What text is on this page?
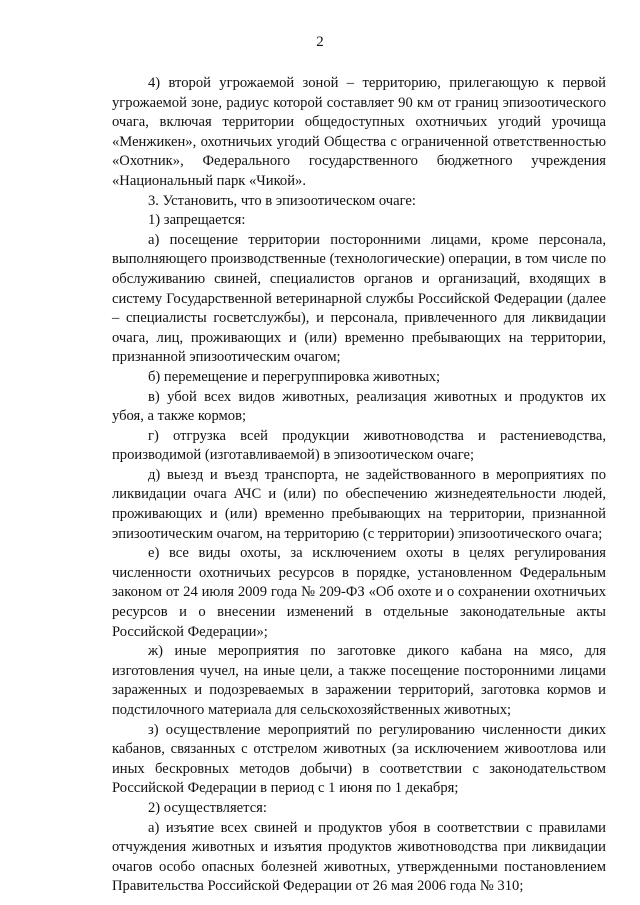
2

4) второй угрожаемой зоной – территорию, прилегающую к первой угрожаемой зоне, радиус которой составляет 90 км от границ эпизоотического очага, включая территории общедоступных охотничьих угодий урочища «Менжикен», охотничьих угодий Общества с ограниченной ответственностью «Охотник», Федерального государственного бюджетного учреждения «Национальный парк «Чикой».

3. Установить, что в эпизоотическом очаге:

1) запрещается:

а) посещение территории посторонними лицами, кроме персонала, выполняющего производственные (технологические) операции, в том числе по обслуживанию свиней, специалистов органов и организаций, входящих в систему Государственной ветеринарной службы Российской Федерации (далее – специалисты госветслужбы), и персонала, привлеченного для ликвидации очага, лиц, проживающих и (или) временно пребывающих на территории, признанной эпизоотическим очагом;

б) перемещение и перегруппировка животных;

в) убой всех видов животных, реализация животных и продуктов их убоя, а также кормов;

г) отгрузка всей продукции животноводства и растениеводства, производимой (изготавливаемой) в эпизоотическом очаге;

д) выезд и въезд транспорта, не задействованного в мероприятиях по ликвидации очага АЧС и (или) по обеспечению жизнедеятельности людей, проживающих и (или) временно пребывающих на территории, признанной эпизоотическим очагом, на территорию (с территории) эпизоотического очага;

е) все виды охоты, за исключением охоты в целях регулирования численности охотничьих ресурсов в порядке, установленном Федеральным законом от 24 июля 2009 года № 209-ФЗ «Об охоте и о сохранении охотничьих ресурсов и о внесении изменений в отдельные законодательные акты Российской Федерации»;

ж) иные мероприятия по заготовке дикого кабана на мясо, для изготовления чучел, на иные цели, а также посещение посторонними лицами зараженных и подозреваемых в заражении территорий, заготовка кормов и подстилочного материала для сельскохозяйственных животных;

з) осуществление мероприятий по регулированию численности диких кабанов, связанных с отстрелом животных (за исключением живоотлова или иных бескровных методов добычи) в соответствии с законодательством Российской Федерации в период с 1 июня по 1 декабря;

2) осуществляется:

а) изъятие всех свиней и продуктов убоя в соответствии с правилами отчуждения животных и изъятия продуктов животноводства при ликвидации очагов особо опасных болезней животных, утвержденными постановлением Правительства Российской Федерации от 26 мая 2006 года № 310;
